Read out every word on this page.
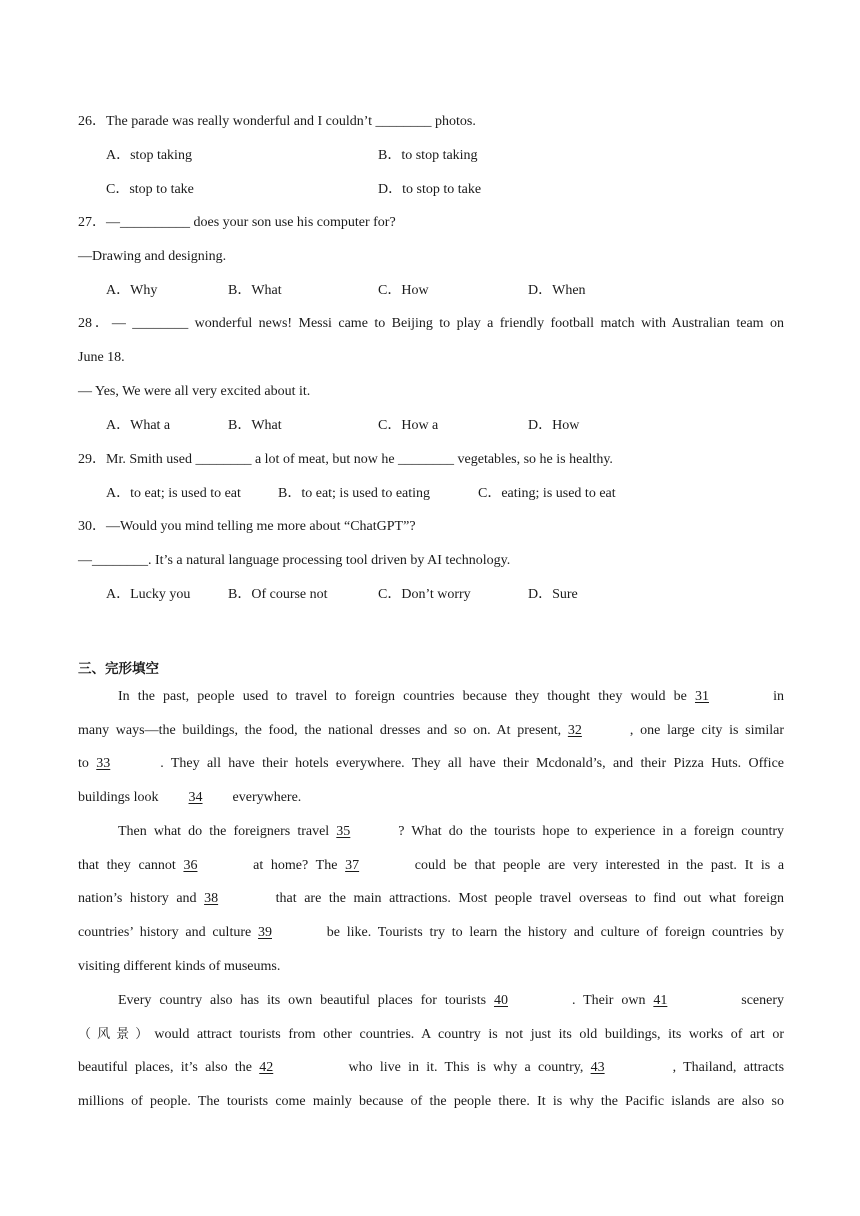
26．The parade was really wonderful and I couldn’t ________ photos.
A．stop taking	B．to stop taking
C．stop to take	D．to stop to take
27．—__________ does your son use his computer for?
—Drawing and designing.
A．Why	B．What	C．How	D．When
28．— ________ wonderful news! Messi came to Beijing to play a friendly football match with Australian team on
June 18.
— Yes, We were all very excited about it.
A．What a	B．What	C．How a	D．How
29．Mr. Smith used ________ a lot of meat, but now he ________ vegetables, so he is healthy.
A．to eat; is used to eat	B．to eat; is used to eating	C．eating; is used to eat
30．—Would you mind telling me more about “ChatGPT”?
—________. It’s a natural language processing tool driven by AI technology.
A．Lucky you	B．Of course not	C．Don’t worry	D．Sure
三、完形填空
In the past, people used to travel to foreign countries because they thought they would be 31	in
many ways—the buildings, the food, the national dresses and so on. At present, 32	, one large city is similar
to 33	. They all have their hotels everywhere. They all have their Mcdonald’s, and their Pizza Huts. Office
buildings look 34 everywhere.
Then what do the foreigners travel 35	? What do the tourists hope to experience in a foreign country
that they cannot 36	at home? The 37	could be that people are very interested in the past. It is a
nation’s history and 38	that are the main attractions. Most people travel overseas to find out what foreign
countries’ history and culture 39	be like. Tourists try to learn the history and culture of foreign countries by
visiting different kinds of museums.
Every country also has its own beautiful places for tourists 40	. Their own 41	scenery
（风景）would attract tourists from other countries. A country is not just its old buildings, its works of art or
beautiful places, it’s also the 42	who live in it. This is why a country, 43	, Thailand, attracts
millions of people. The tourists come mainly because of the people there. It is why the Pacific islands are also so
